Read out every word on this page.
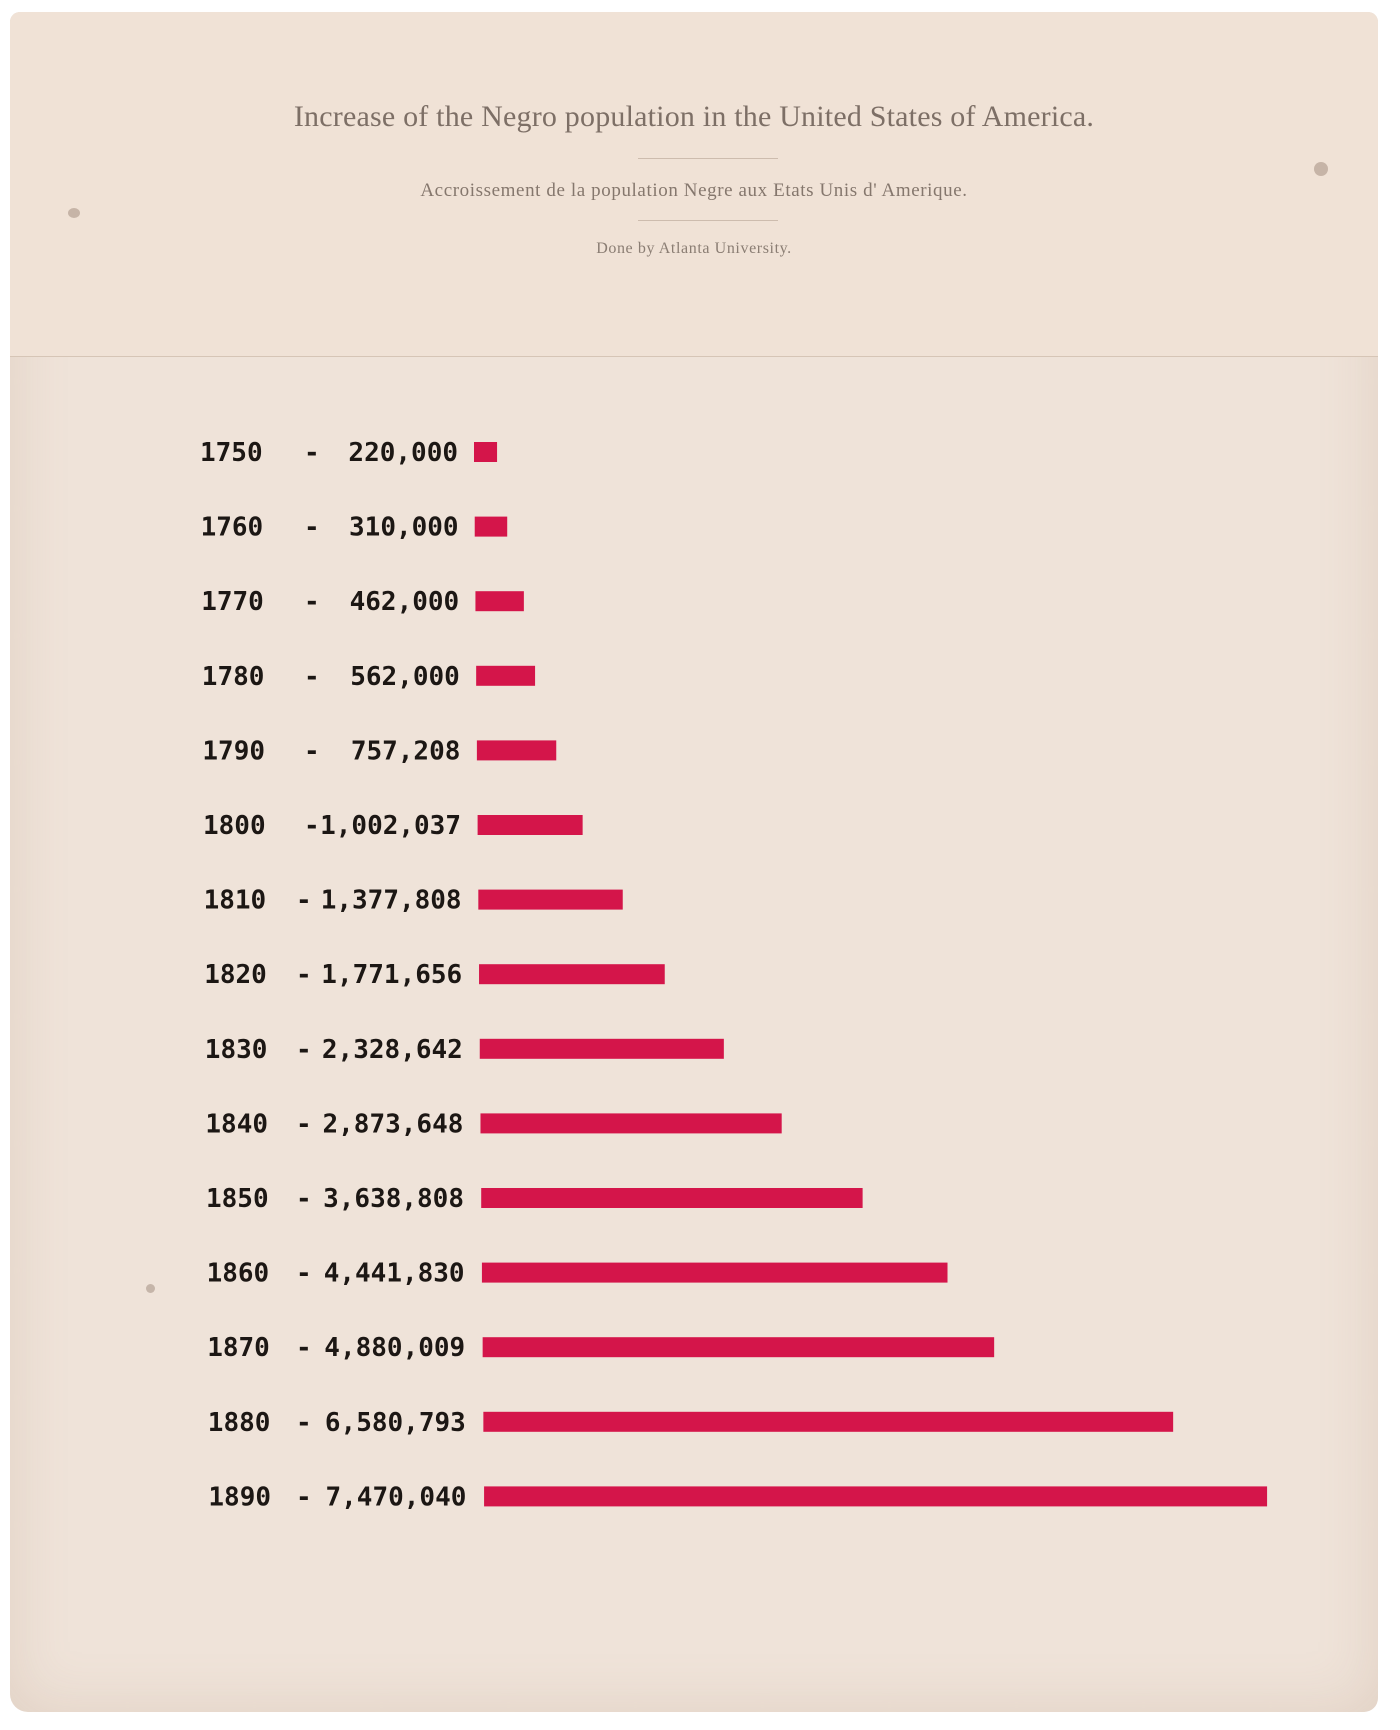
Increase of the Negro population in the United States of America.
Accroissement de la population Negre aux Etats Unis d' Amerique.
Done by Atlanta University.
1750 - 220,000
1760 - 310,000
1770 - 462,000
1780 - 562,000
1790 - 757,208
1800 - 1,002,037
1810 - 1,377,808
1820 - 1,771,656
1830 - 2,328,642
1840 - 2,873,648
1850 - 3,638,808
1860 - 4,441,830
1870 - 4,880,009
1880 - 6,580,793
1890 - 7,470,040
